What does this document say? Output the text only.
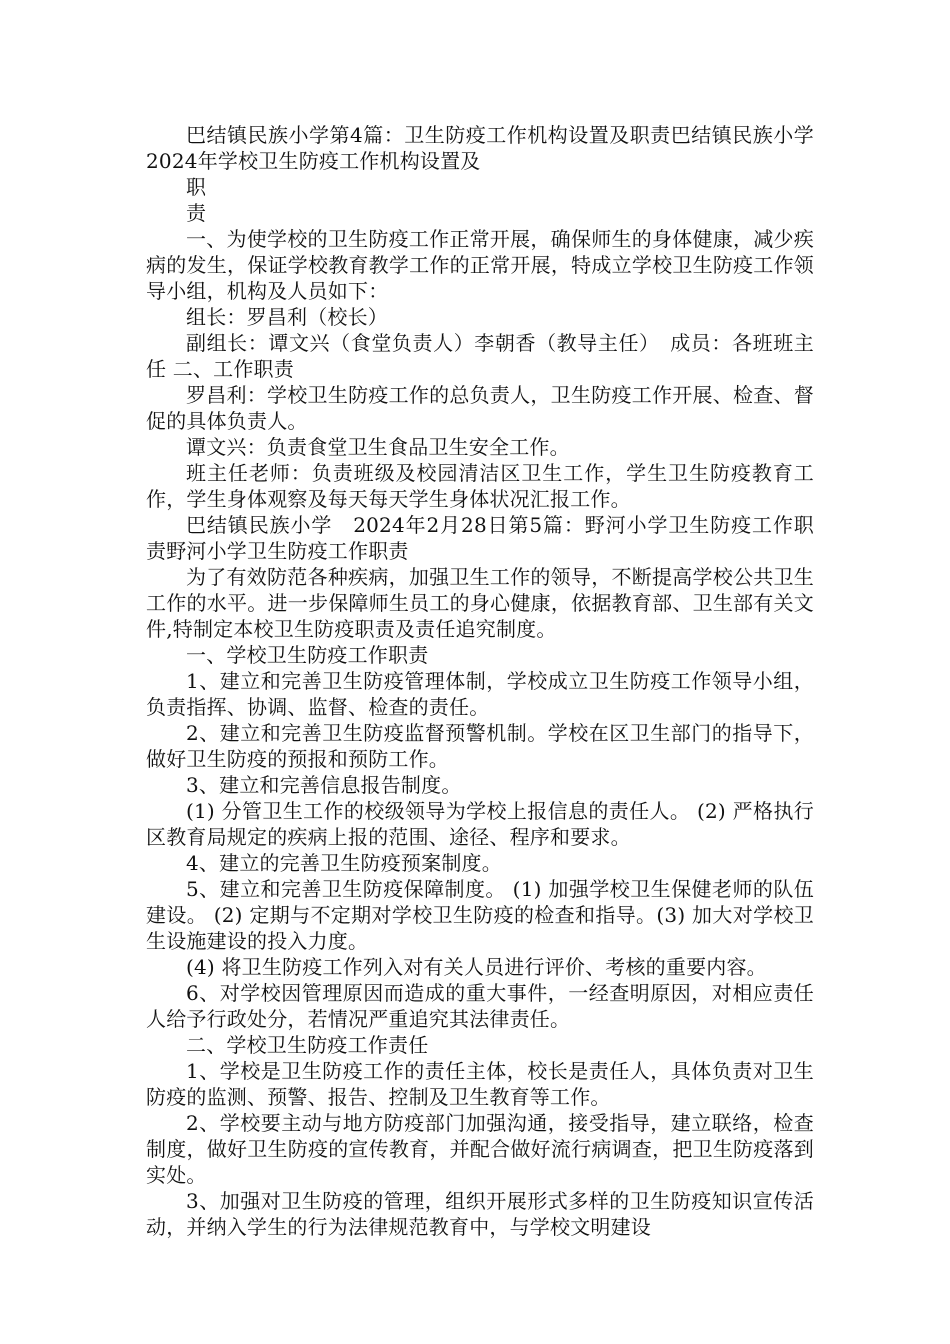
巴结镇民族小学第4篇：卫生防疫工作机构设置及职责巴结镇民族小学2024年学校卫生防疫工作机构设置及

职

责

一、为使学校的卫生防疫工作正常开展，确保师生的身体健康，减少疾病的发生，保证学校教育教学工作的正常开展，特成立学校卫生防疫工作领导小组，机构及人员如下：

组长：罗昌利（校长）

副组长：谭文兴（食堂负责人）李朝香（教导主任）　成员：各班班主任 二、工作职责

罗昌利：学校卫生防疫工作的总负责人，卫生防疫工作开展、检查、督促的具体负责人。

谭文兴：负责食堂卫生食品卫生安全工作。

班主任老师：负责班级及校园清洁区卫生工作，学生卫生防疫教育工作，学生身体观察及每天每天学生身体状况汇报工作。

巴结镇民族小学　2024年2月28日第5篇：野河小学卫生防疫工作职责野河小学卫生防疫工作职责

为了有效防范各种疾病，加强卫生工作的领导，不断提高学校公共卫生工作的水平。进一步保障师生员工的身心健康，依据教育部、卫生部有关文件,特制定本校卫生防疫职责及责任追究制度。

一、学校卫生防疫工作职责

1、建立和完善卫生防疫管理体制，学校成立卫生防疫工作领导小组，负责指挥、协调、监督、检查的责任。

2、建立和完善卫生防疫监督预警机制。学校在区卫生部门的指导下，做好卫生防疫的预报和预防工作。

3、建立和完善信息报告制度。

(1) 分管卫生工作的校级领导为学校上报信息的责任人。 (2) 严格执行区教育局规定的疾病上报的范围、途径、程序和要求。

4、建立的完善卫生防疫预案制度。

5、建立和完善卫生防疫保障制度。 (1) 加强学校卫生保健老师的队伍建设。 (2) 定期与不定期对学校卫生防疫的检查和指导。(3) 加大对学校卫生设施建设的投入力度。

(4) 将卫生防疫工作列入对有关人员进行评价、考核的重要内容。

6、对学校因管理原因而造成的重大事件，一经查明原因，对相应责任人给予行政处分，若情况严重追究其法律责任。

二、学校卫生防疫工作责任

1、学校是卫生防疫工作的责任主体，校长是责任人，具体负责对卫生防疫的监测、预警、报告、控制及卫生教育等工作。

2、学校要主动与地方防疫部门加强沟通，接受指导，建立联络，检查制度，做好卫生防疫的宣传教育，并配合做好流行病调查，把卫生防疫落到实处。

3、加强对卫生防疫的管理，组织开展形式多样的卫生防疫知识宣传活动，并纳入学生的行为法律规范教育中，与学校文明建设
